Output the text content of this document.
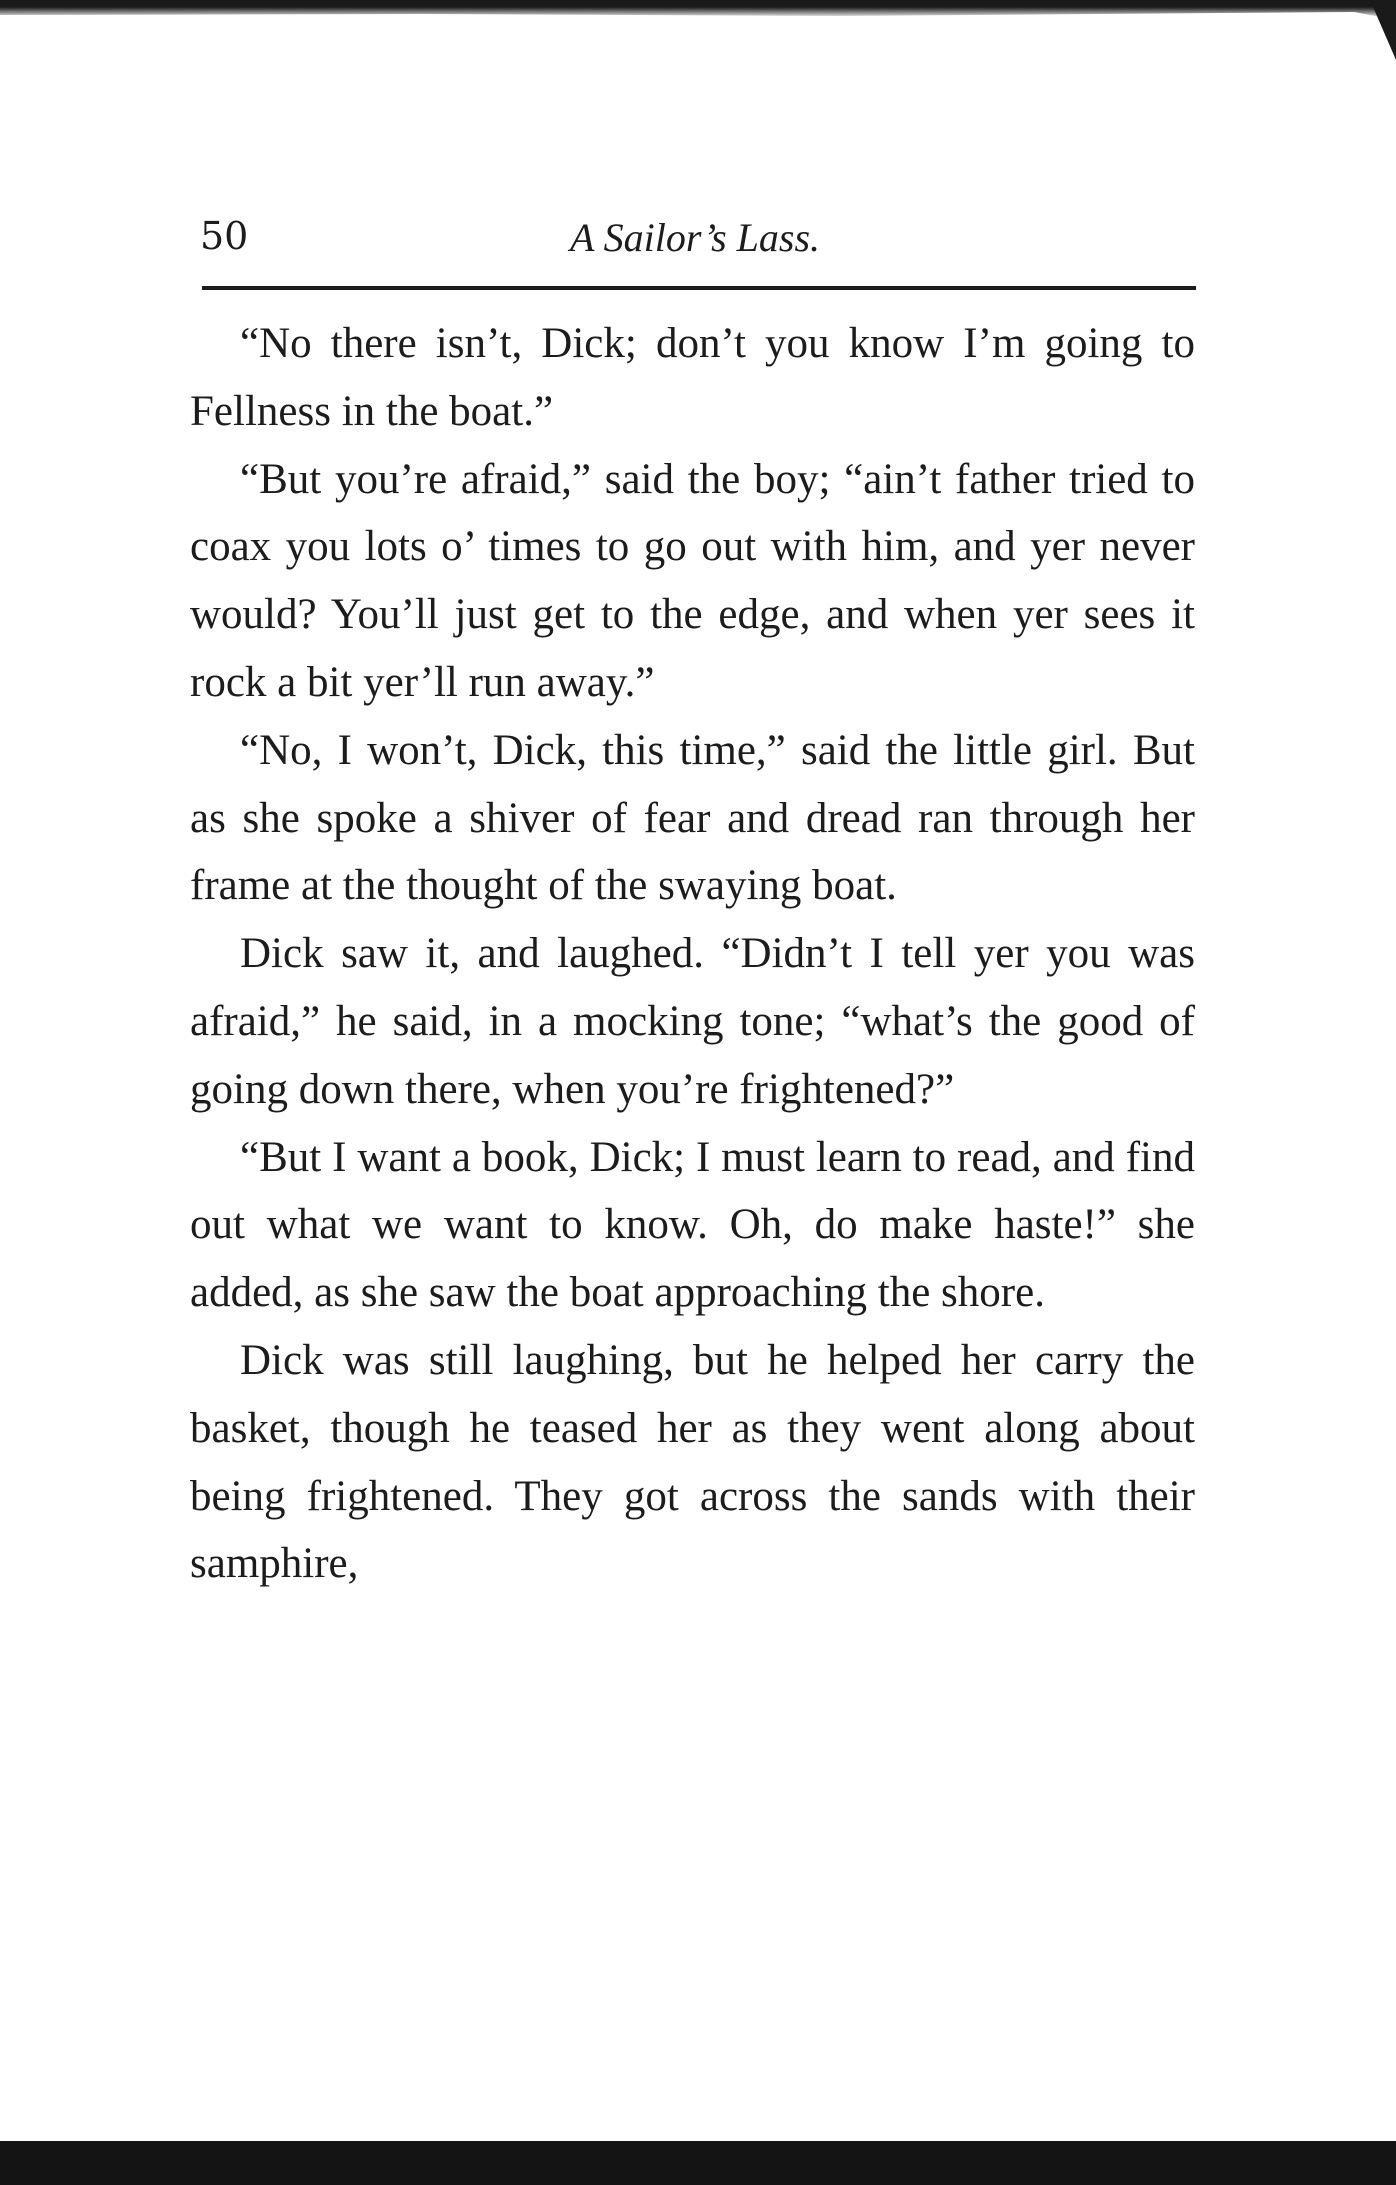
50	A Sailor’s Lass.

“No there isn’t, Dick; don’t you know I’m going to Fellness in the boat.”

“But you’re afraid,” said the boy; “ain’t father tried to coax you lots o’ times to go out with him, and yer never would? You’ll just get to the edge, and when yer sees it rock a bit yer’ll run away.”

“No, I won’t, Dick, this time,” said the little girl. But as she spoke a shiver of fear and dread ran through her frame at the thought of the swaying boat.

Dick saw it, and laughed. “Didn’t I tell yer you was afraid,” he said, in a mocking tone; “what’s the good of going down there, when you’re frightened?”

“But I want a book, Dick; I must learn to read, and find out what we want to know. Oh, do make haste!” she added, as she saw the boat approaching the shore.

Dick was still laughing, but he helped her carry the basket, though he teased her as they went along about being frightened. They got across the sands with their samphire,
